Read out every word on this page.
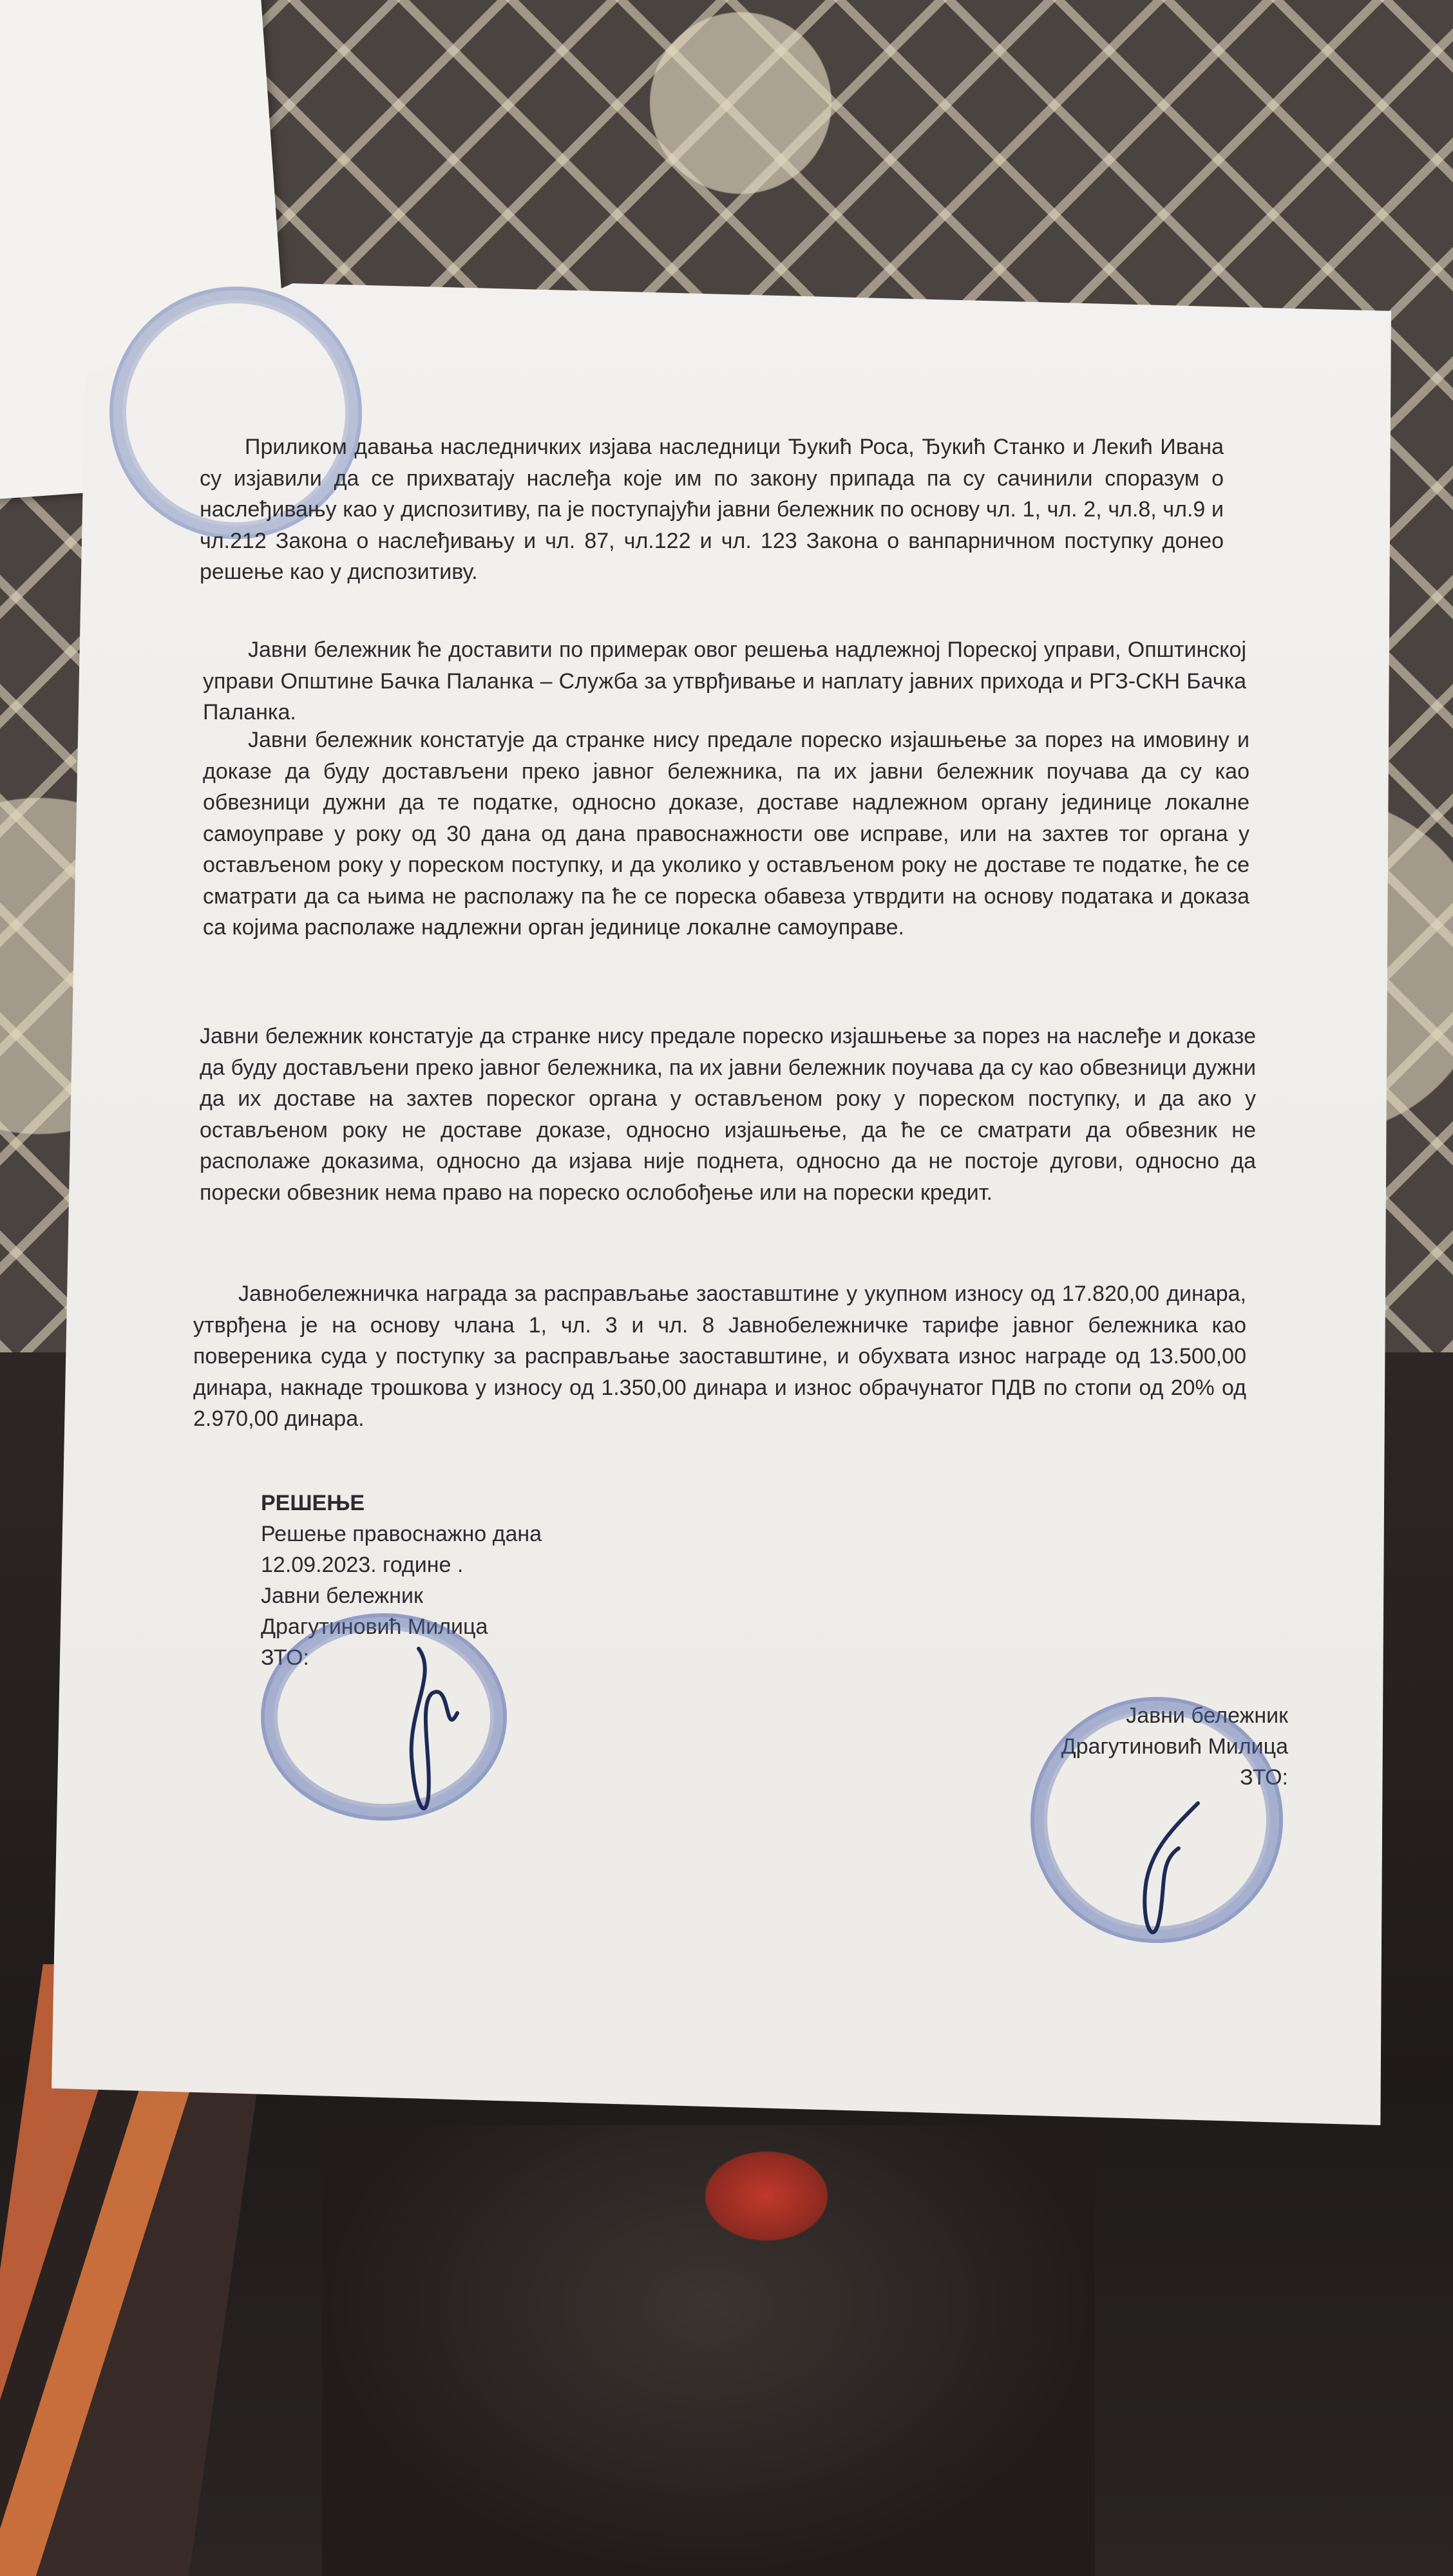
Приликом давања наследничких изјава наследници Ђукић Роса, Ђукић Станко и Лекић Ивана су изјавили да се прихватају наслеђа које им по закону припада па су сачинили споразум о наслеђивању као у диспозитиву, па је поступајући јавни бележник по основу чл. 1, чл. 2, чл.8, чл.9 и чл.212 Закона о наслеђивању и чл. 87, чл.122 и чл. 123 Закона о ванпарничном поступку донео решење као у диспозитиву.

Јавни бележник ће доставити по примерак овог решења надлежној Пореској управи, Општинској управи Општине Бачка Паланка – Служба за утврђивање и наплату јавних прихода и РГЗ-СКН Бачка Паланка.

Јавни бележник констатује да странке нису предале пореско изјашњење за порез на имовину и доказе да буду достављени преко јавног бележника, па их јавни бележник поучава да су као обвезници дужни да те податке, односно доказе, доставе надлежном органу јединице локалне самоуправе у року од 30 дана од дана правоснажности ове исправе, или на захтев тог органа у остављеном року у пореском поступку, и да уколико у остављеном року не доставе те податке, ће се сматрати да са њима не располажу па ће се пореска обавеза утврдити на основу података и доказа са којима располаже надлежни орган јединице локалне самоуправе.

Јавни бележник констатује да странке нису предале пореско изјашњење за порез на наслеђе и доказе да буду достављени преко јавног бележника, па их јавни бележник поучава да су као обвезници дужни да их доставе на захтев пореског органа у остављеном року у пореском поступку, и да ако у остављеном року не доставе доказе, односно изјашњење, да ће се сматрати да обвезник не располаже доказима, односно да изјава није поднета, односно да не постоје дугови, односно да порески обвезник нема право на пореско ослобођење или на порески кредит.

Јавнобележничка награда за расправљање заоставштине у укупном износу од 17.820,00 динара, утврђена је на основу члана 1, чл. 3 и чл. 8 Јавнобележничке тарифе јавног бележника као повереника суда у поступку за расправљање заоставштине, и обухвата износ награде од 13.500,00 динара, накнаде трошкова у износу од 1.350,00 динара и износ обрачунатог ПДВ по стопи од 20% од 2.970,00 динара.

РЕШЕЊЕ
Решење правоснажно дана
12.09.2023. године .
Јавни бележник
Драгутиновић Милица
ЗТО:
Јавни бележник
Драгутиновић Милица
ЗТО:
